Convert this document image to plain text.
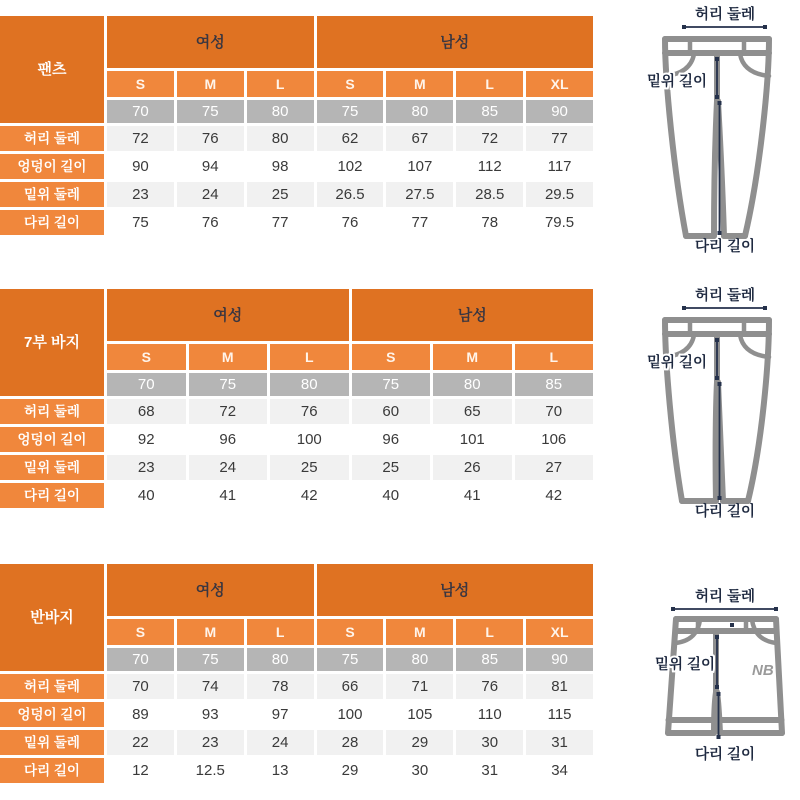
팬츠
여성	남성
S	M	L	S	M	L	XL
70	75	80	75	80	85	90
허리 둘레	72	76	80	62	67	72	77
엉덩이 길이	90	94	98	102	107	112	117
밑위 둘레	23	24	25	26.5	27.5	28.5	29.5
다리 길이	75	76	77	76	77	78	79.5
7부 바지
여성	남성
S	M	L	S	M	L
70	75	80	75	80	85
허리 둘레	68	72	76	60	65	70
엉덩이 길이	92	96	100	96	101	106
밑위 둘레	23	24	25	25	26	27
다리 길이	40	41	42	40	41	42
반바지
여성	남성
S	M	L	S	M	L	XL
70	75	80	75	80	85	90
허리 둘레	70	74	78	66	71	76	81
엉덩이 길이	89	93	97	100	105	110	115
밑위 둘레	22	23	24	28	29	30	31
다리 길이	12	12.5	13	29	30	31	34
허리 둘레
밑위 길이
다리 길이
허리 둘레
밑위 길이
다리 길이
NB
허리 둘레
밑위 길이
다리 길이
